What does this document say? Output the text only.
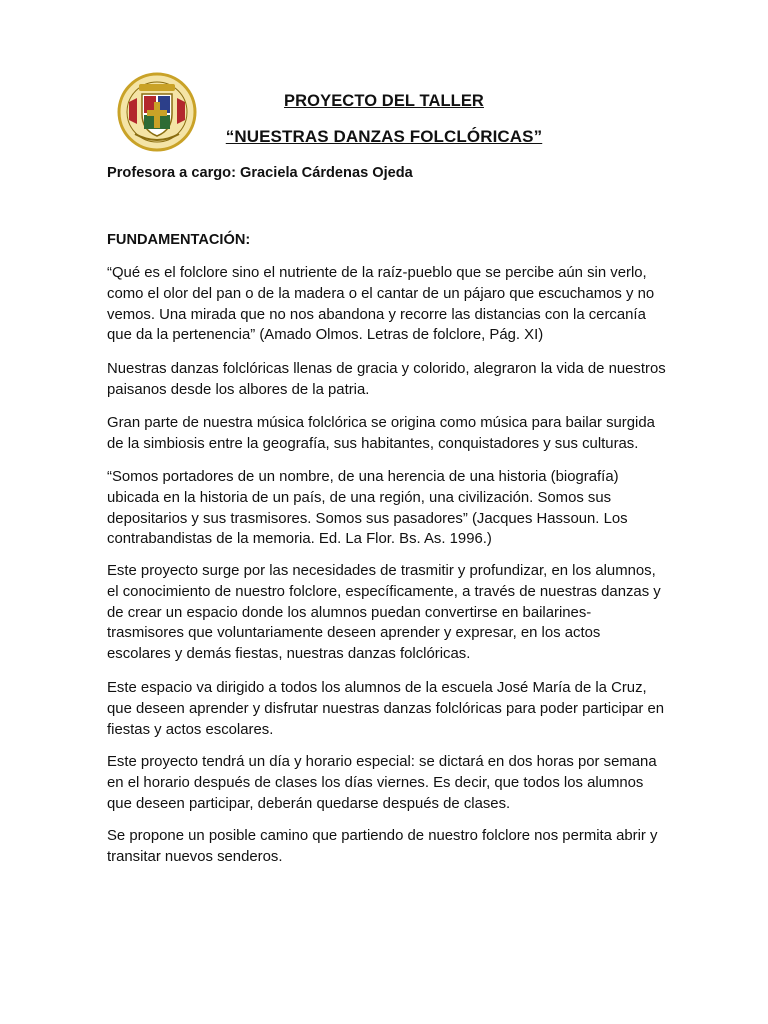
PROYECTO DEL TALLER
“NUESTRAS DANZAS FOLCLÓRICAS”
Profesora a cargo: Graciela Cárdenas Ojeda
FUNDAMENTACIÓN:

“Qué es el folclore sino el nutriente de la raíz-pueblo que se percibe aún sin verlo, como el olor del pan o de la madera o el cantar de un pájaro que escuchamos y no vemos. Una mirada que no nos abandona y recorre las distancias con la cercanía que da la pertenencia” (Amado Olmos. Letras de folclore, Pág. XI)

Nuestras danzas folclóricas llenas de gracia y colorido, alegraron la vida de nuestros paisanos desde los albores de la patria.

Gran parte de nuestra música folclórica se origina como música para bailar surgida de la simbiosis entre la geografía, sus habitantes, conquistadores y sus culturas.

“Somos portadores de un nombre, de una herencia de una historia (biografía) ubicada en la historia de un país, de una región, una civilización. Somos sus depositarios y sus trasmisores. Somos sus pasadores” (Jacques Hassoun. Los contrabandistas de la memoria. Ed. La Flor. Bs. As. 1996.)

Este proyecto surge por las necesidades de trasmitir y profundizar, en los alumnos, el conocimiento de nuestro folclore, específicamente, a través de nuestras danzas y de crear un espacio donde los alumnos puedan convertirse en bailarines-trasmisores que voluntariamente deseen aprender y expresar, en los actos escolares y demás fiestas, nuestras danzas folclóricas.

Este espacio va dirigido a todos los alumnos de la escuela José María de la Cruz, que deseen aprender y disfrutar nuestras danzas folclóricas para poder participar en fiestas y actos escolares.

Este proyecto tendrá un día y horario especial: se dictará en dos horas por semana en el horario después de clases los días viernes. Es decir, que todos los alumnos que deseen participar, deberán quedarse después de clases.

Se propone un posible camino que partiendo de nuestro folclore nos permita abrir y transitar nuevos senderos.
